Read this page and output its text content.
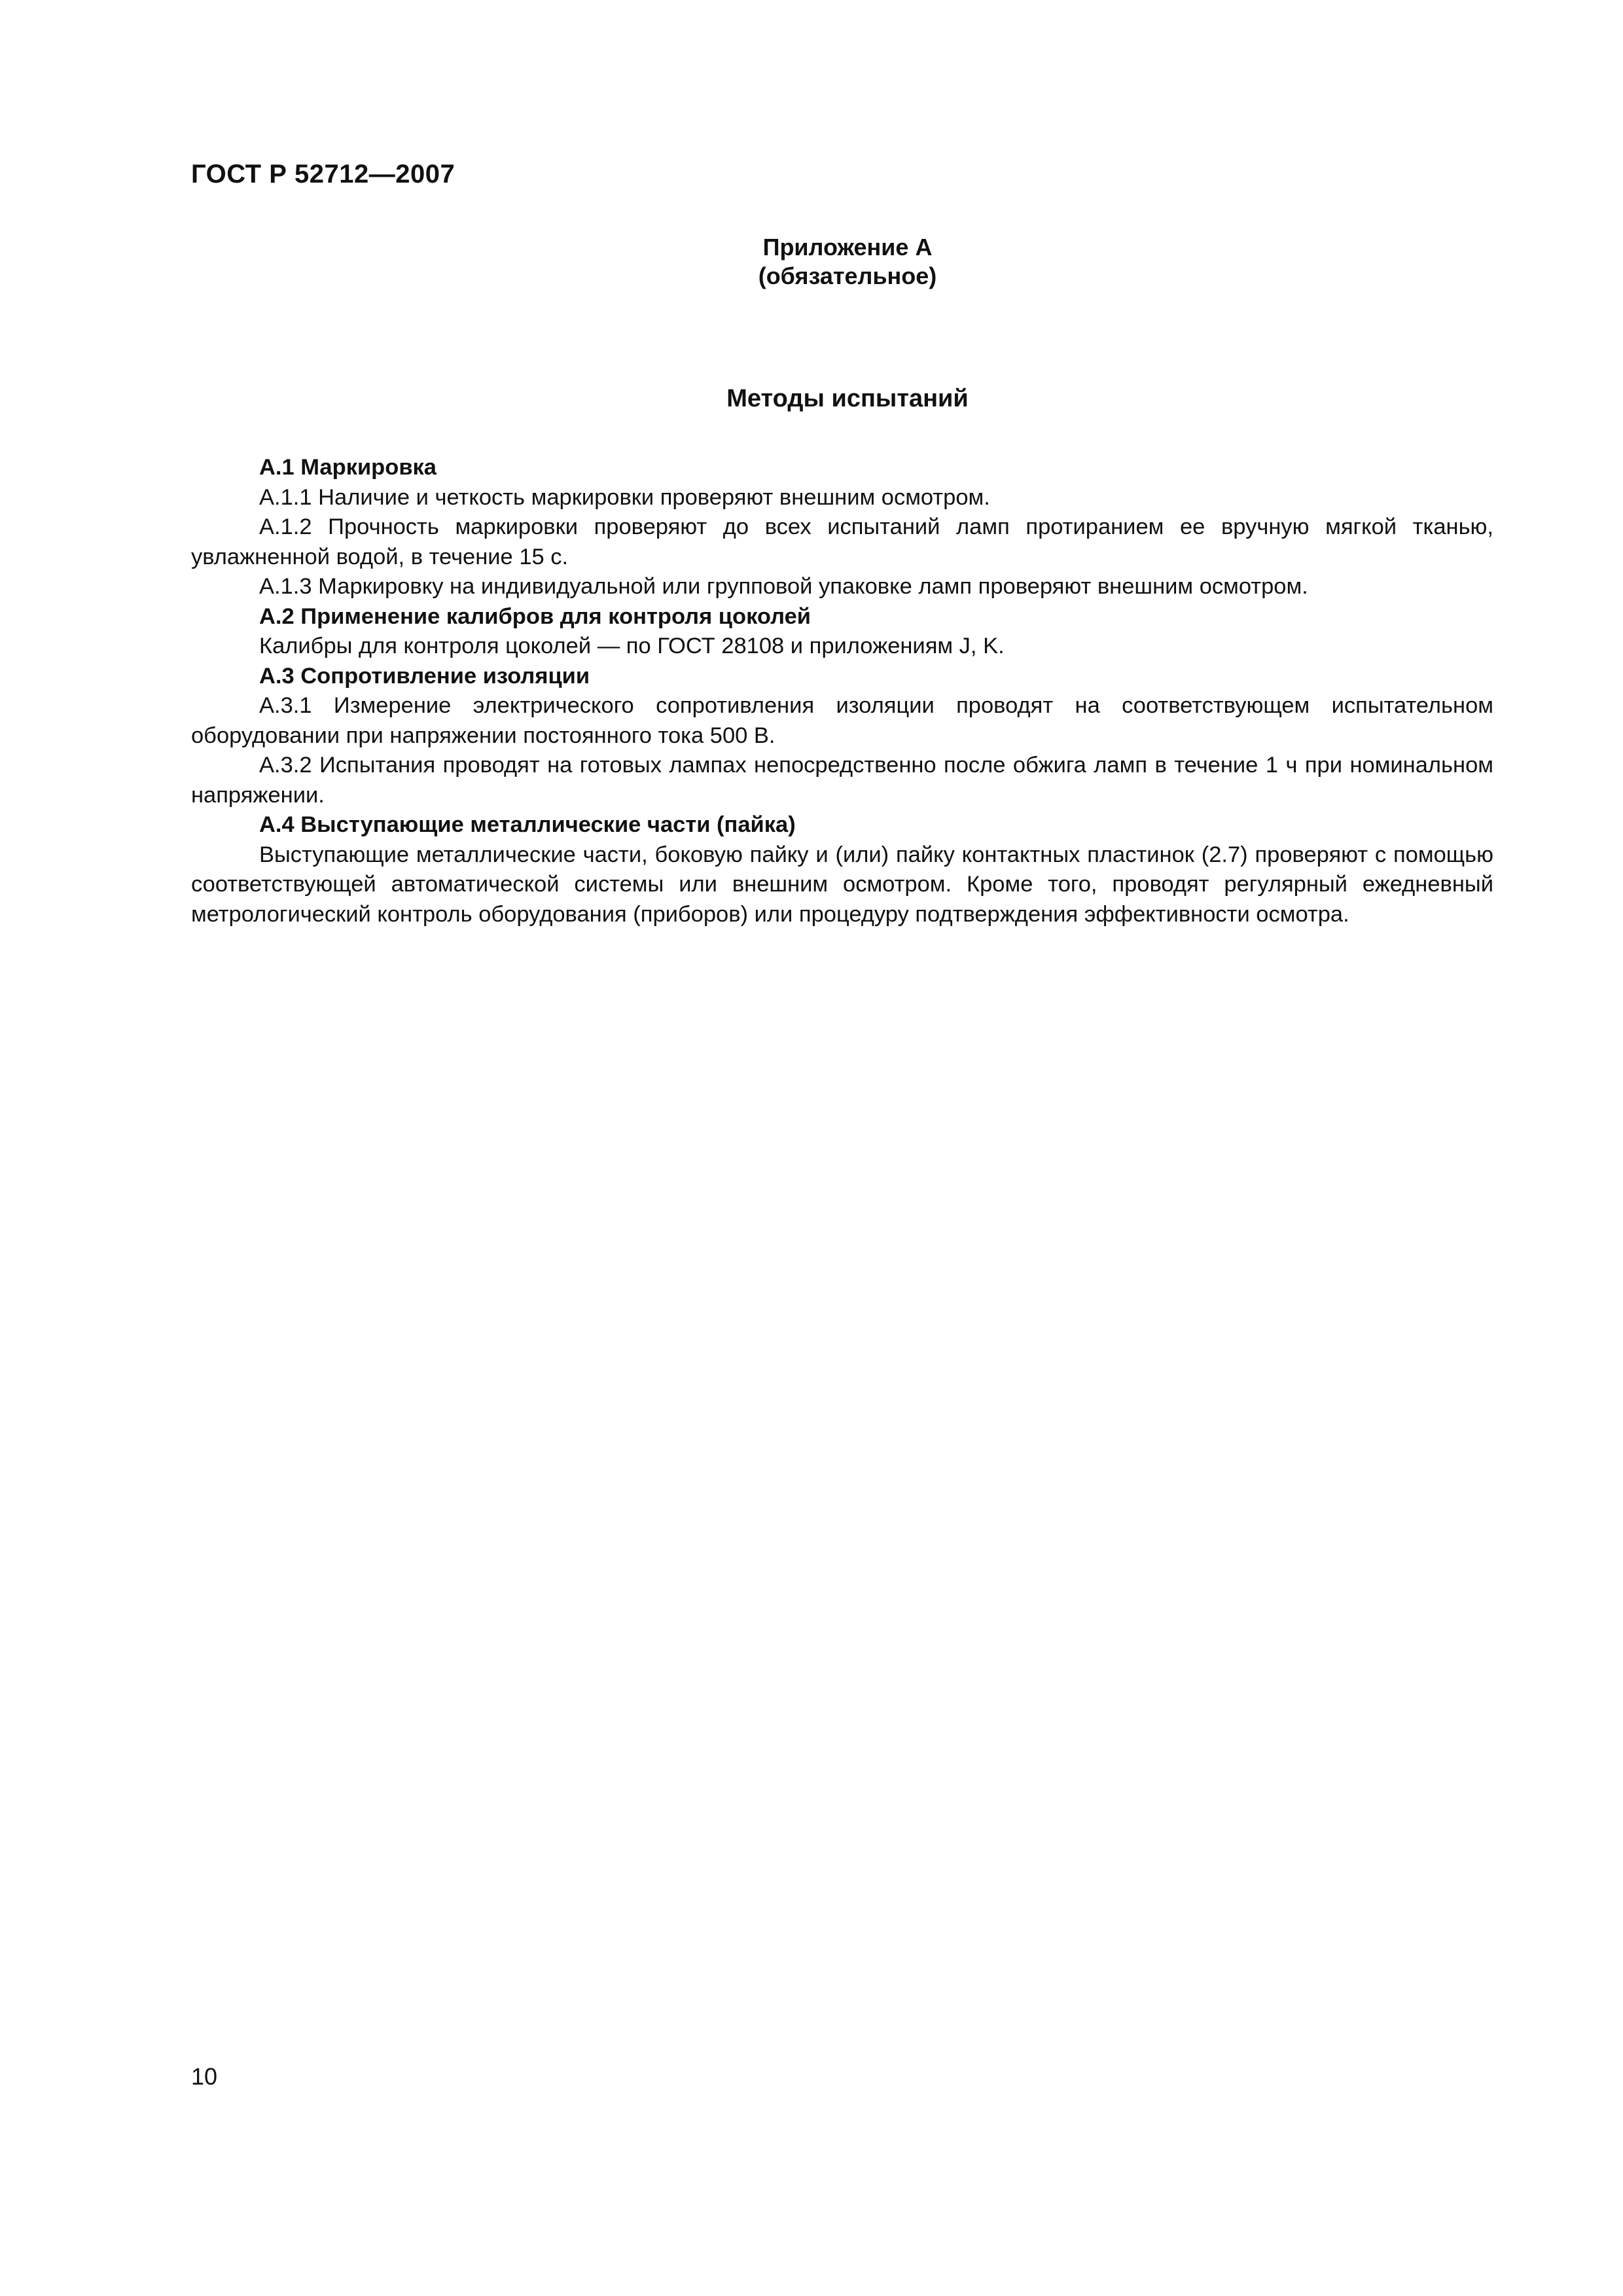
ГОСТ Р 52712—2007
Приложение А
(обязательное)
Методы испытаний

А.1 Маркировка

А.1.1 Наличие и четкость маркировки проверяют внешним осмотром.

А.1.2 Прочность маркировки проверяют до всех испытаний ламп протиранием ее вручную мягкой тканью, увлажненной водой, в течение 15 с.

А.1.3 Маркировку на индивидуальной или групповой упаковке ламп проверяют внешним осмотром.

А.2 Применение калибров для контроля цоколей

Калибры для контроля цоколей — по ГОСТ 28108 и приложениям J, K.

А.3 Сопротивление изоляции

А.3.1 Измерение электрического сопротивления изоляции проводят на соответствующем испытательном оборудовании при напряжении постоянного тока 500 В.

А.3.2 Испытания проводят на готовых лампах непосредственно после обжига ламп в течение 1 ч при номинальном напряжении.

А.4 Выступающие металлические части (пайка)

Выступающие металлические части, боковую пайку и (или) пайку контактных пластинок (2.7) проверяют с помощью соответствующей автоматической системы или внешним осмотром. Кроме того, проводят регулярный ежедневный метрологический контроль оборудования (приборов) или процедуру подтверждения эффективности осмотра.

10
